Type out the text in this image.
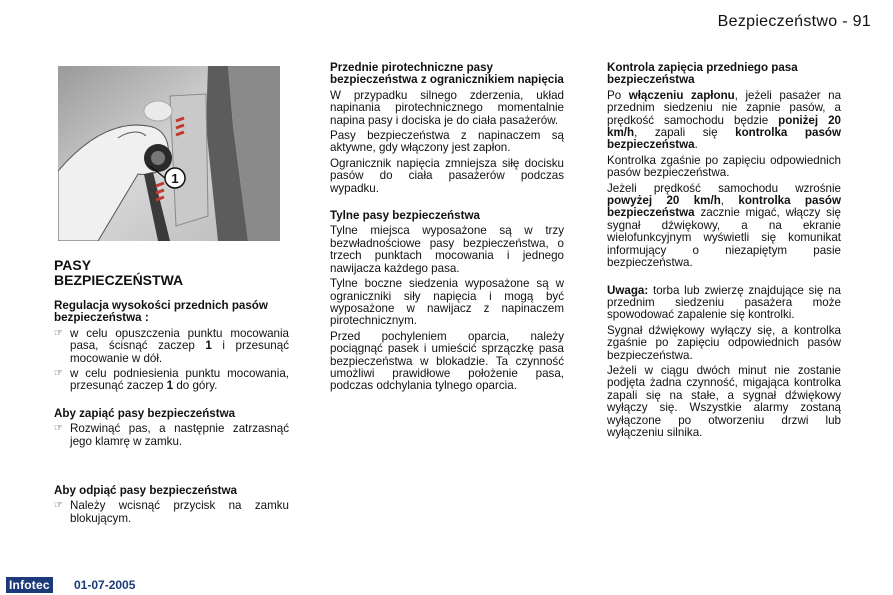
Bezpieczeństwo - 91
1
PASY
BEZPIECZEŃSTWA
Regulacja wysokości przednich pasów bezpieczeństwa :
☞ w celu opuszczenia punktu mocowania pasa, ścisnąć zaczep 1 i przesunąć mocowanie w dół.
☞ w celu podniesienia punktu mocowania, przesunąć zaczep 1 do góry.
Aby zapiąć pasy bezpieczeństwa
☞ Rozwinąć pas, a następnie zatrzasnąć jego klamrę w zamku.
Aby odpiąć pasy bezpieczeństwa
☞ Należy wcisnąć przycisk na zamku blokującym.
Przednie pirotechniczne pasy bezpieczeństwa z ogranicznikiem napięcia

W przypadku silnego zderzenia, układ napinania pirotechnicznego momentalnie napina pasy i dociska je do ciała pasażerów.

Pasy bezpieczeństwa z napinaczem są aktywne, gdy włączony jest zapłon.

Ogranicznik napięcia zmniejsza siłę docisku pasów do ciała pasażerów podczas wypadku.

Tylne pasy bezpieczeństwa

Tylne miejsca wyposażone są w trzy bezwładnościowe pasy bezpieczeństwa, o trzech punktach mocowania i jednego nawijacza każdego pasa.

Tylne boczne siedzenia wyposażone są w ograniczniki siły napięcia i mogą być wyposażone w nawijacz z napinaczem pirotechnicznym.

Przed pochyleniem oparcia, należy pociągnąć pasek i umieścić sprzączkę pasa bezpieczeństwa w blokadzie. Ta czynność umożliwi prawidłowe położenie pasa, podczas odchylania tylnego oparcia.

Kontrola zapięcia przedniego pasa bezpieczeństwa

Po włączeniu zapłonu, jeżeli pasażer na przednim siedzeniu nie zapnie pasów, a prędkość samochodu będzie poniżej 20 km/h, zapali się kontrolka pasów bezpieczeństwa.

Kontrolka zgaśnie po zapięciu odpowiednich pasów bezpieczeństwa.

Jeżeli prędkość samochodu wzrośnie powyżej 20 km/h, kontrolka pasów bezpieczeństwa zacznie migać, włączy się sygnał dźwiękowy, a na ekranie wielofunkcyjnym wyświetli się komunikat informujący o niezapiętym pasie bezpieczeństwa.

Uwaga: torba lub zwierzę znajdujące się na przednim siedzeniu pasażera może spowodować zapalenie się kontrolki.

Sygnał dźwiękowy wyłączy się, a kontrolka zgaśnie po zapięciu odpowiednich pasów bezpieczeństwa.

Jeżeli w ciągu dwóch minut nie zostanie podjęta żadna czynność, migająca kontrolka zapali się na stałe, a sygnał dźwiękowy wyłączy się. Wszystkie alarmy zostaną wyłączone po otworzeniu drzwi lub wyłączeniu silnika.

Infotec 01-07-2005
